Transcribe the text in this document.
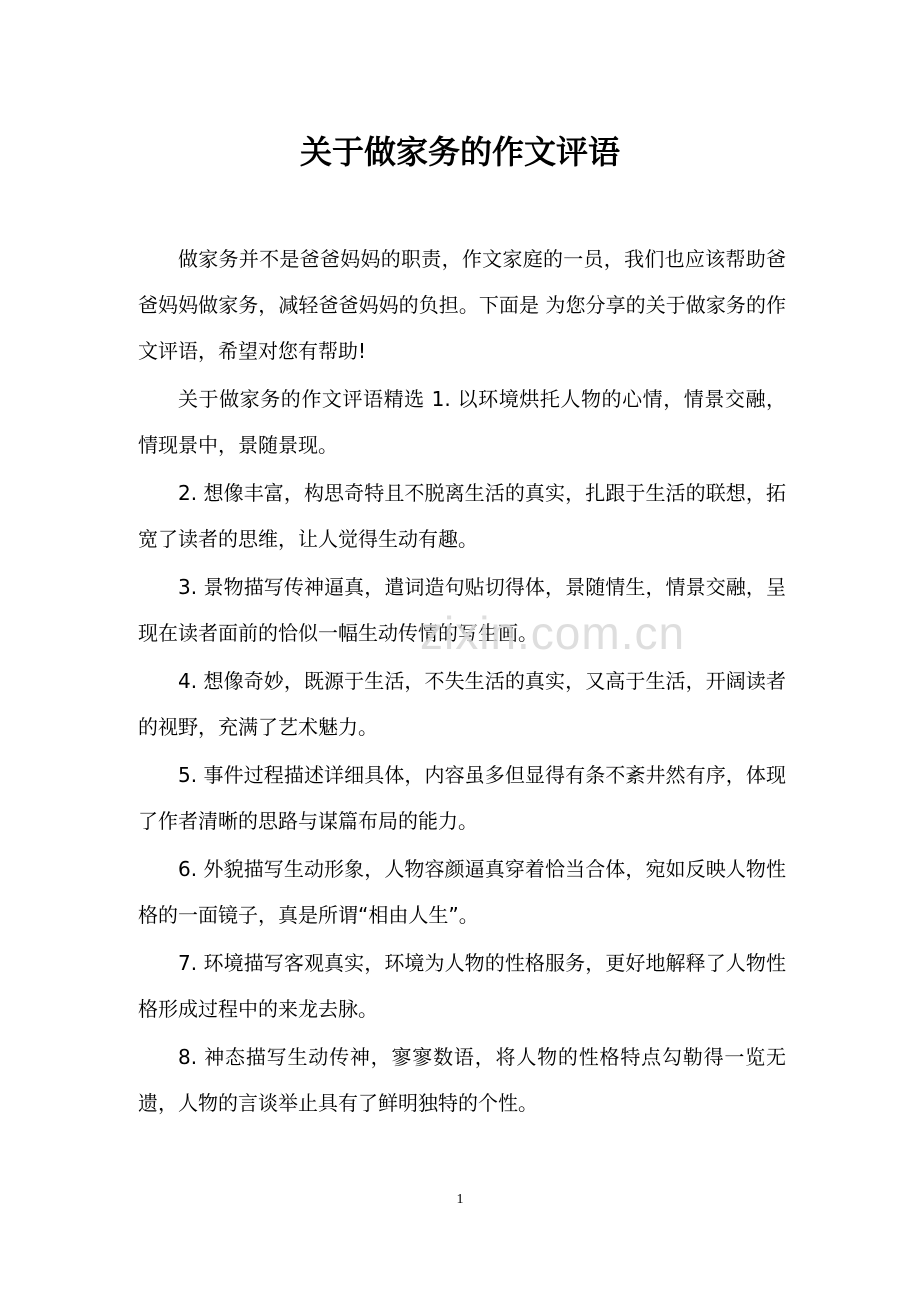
关于做家务的作文评语

做家务并不是爸爸妈妈的职责，作文家庭的一员，我们也应该帮助爸爸妈妈做家务，减轻爸爸妈妈的负担。下面是 为您分享的关于做家务的作文评语，希望对您有帮助!

关于做家务的作文评语精选 1. 以环境烘托人物的心情，情景交融，情现景中，景随景现。

2. 想像丰富，构思奇特且不脱离生活的真实，扎跟于生活的联想，拓宽了读者的思维，让人觉得生动有趣。

3. 景物描写传神逼真，遣词造句贴切得体，景随情生，情景交融，呈现在读者面前的恰似一幅生动传情的写生画。

4. 想像奇妙，既源于生活，不失生活的真实，又高于生活，开阔读者的视野，充满了艺术魅力。

5. 事件过程描述详细具体，内容虽多但显得有条不紊井然有序，体现了作者清晰的思路与谋篇布局的能力。

6. 外貌描写生动形象，人物容颜逼真穿着恰当合体，宛如反映人物性格的一面镜子，真是所谓“相由人生”。

7. 环境描写客观真实，环境为人物的性格服务，更好地解释了人物性格形成过程中的来龙去脉。

8. 神态描写生动传神，寥寥数语，将人物的性格特点勾勒得一览无遗，人物的言谈举止具有了鲜明独特的个性。

zixin.com.cn
1
